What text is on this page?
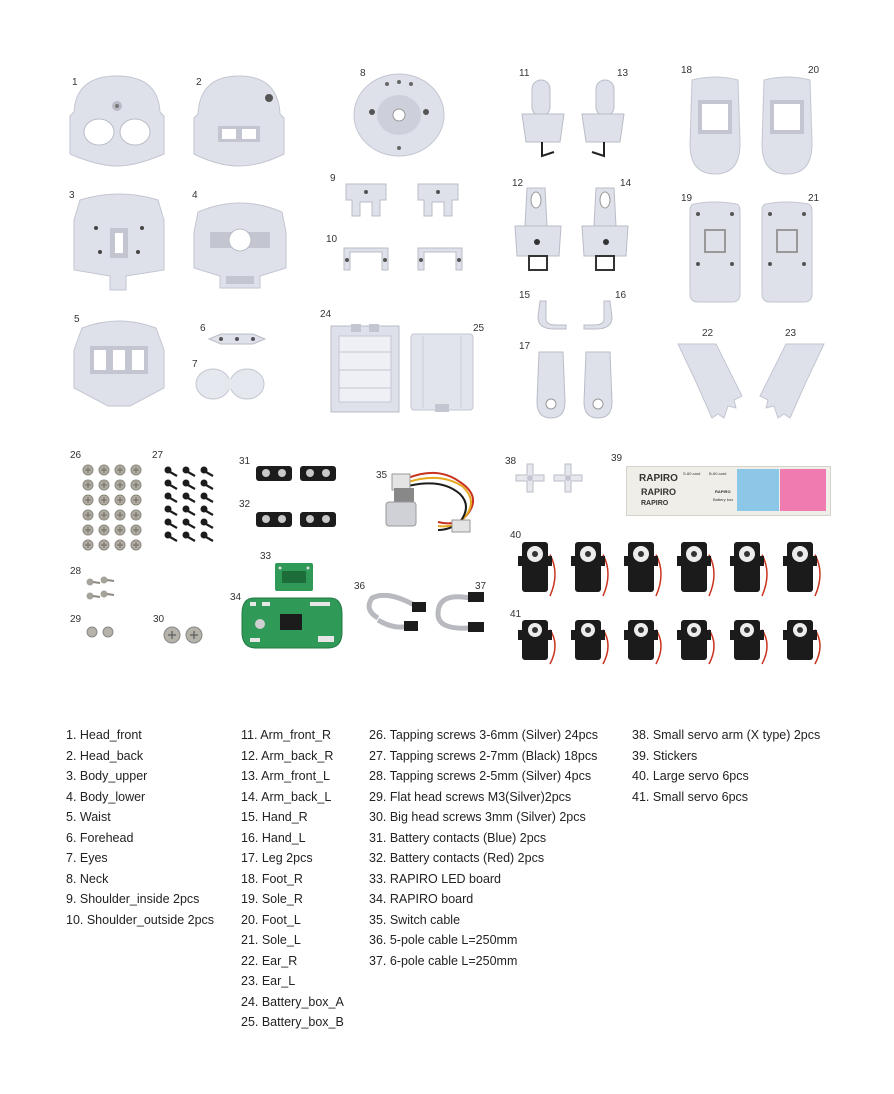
1	2
3	4
5
6
7
8
9
10
11
12
13
14
15	16
17
18
19
20
21
22	23
24
25
26	27
28
29	30
31
32
33
34
35
36	37
38	39
40
41
RAPIRO
RAPIRO
RAPIRO
S-60 card B-60 card
RAPIRO
Battery box
1. Head_front
2. Head_back
3. Body_upper
4. Body_lower
5. Waist
6. Forehead
7. Eyes
8. Neck
9. Shoulder_inside 2pcs
10. Shoulder_outside 2pcs
11. Arm_front_R
12. Arm_back_R
13. Arm_front_L
14. Arm_back_L
15. Hand_R
16. Hand_L
17. Leg 2pcs
18. Foot_R
19. Sole_R
20. Foot_L
21. Sole_L
22. Ear_R
23. Ear_L
24. Battery_box_A
25. Battery_box_B
26. Tapping screws 3-6mm (Silver) 24pcs
27. Tapping screws 2-7mm (Black) 18pcs
28. Tapping screws 2-5mm (Silver) 4pcs
29. Flat head screws M3(Silver)2pcs
30. Big head screws 3mm (Silver) 2pcs
31. Battery contacts (Blue) 2pcs
32. Battery contacts (Red) 2pcs
33. RAPIRO LED board
34. RAPIRO board
35. Switch cable
36. 5-pole cable L=250mm
37. 6-pole cable L=250mm
38. Small servo arm (X type) 2pcs
39. Stickers
40. Large servo 6pcs
41. Small servo 6pcs
